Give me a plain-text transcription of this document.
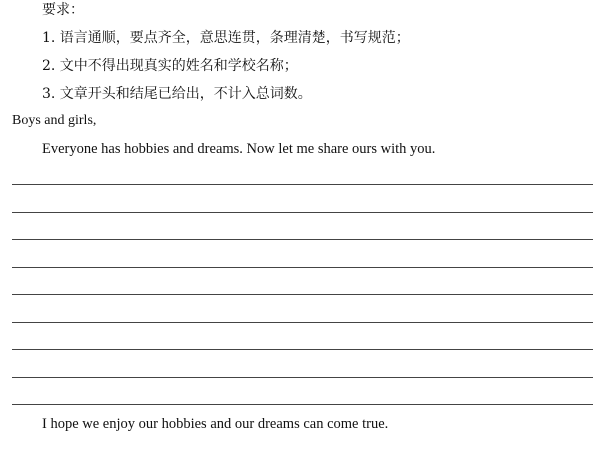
要求：
1. 语言通顺，要点齐全，意思连贯，条理清楚，书写规范；
2. 文中不得出现真实的姓名和学校名称；
3. 文章开头和结尾已给出，不计入总词数。
Boys and girls,
Everyone has hobbies and dreams. Now let me share ours with you.
I hope we enjoy our hobbies and our dreams can come true.
